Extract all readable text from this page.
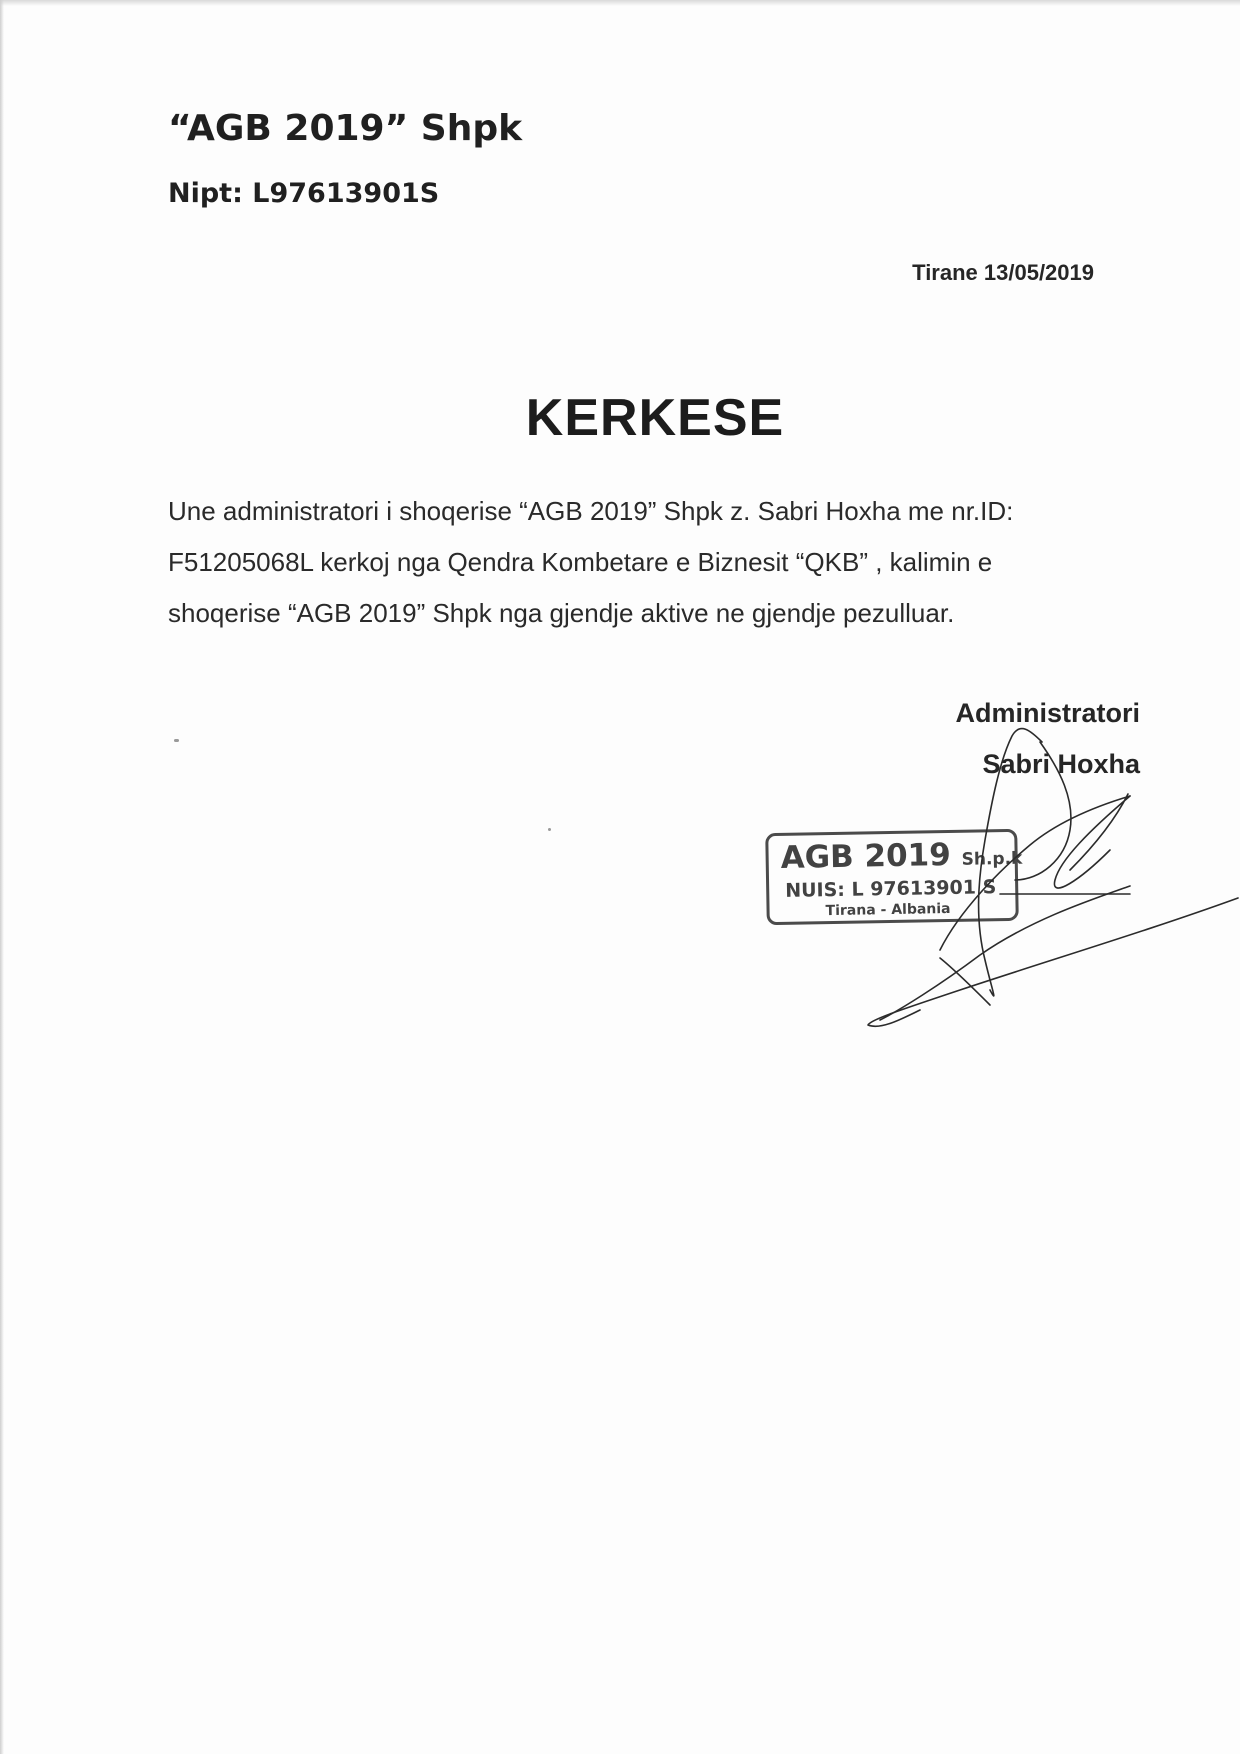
“AGB 2019” Shpk
Nipt: L97613901S
Tirane 13/05/2019
KERKESE
Une administratori i shoqerise “AGB 2019” Shpk z. Sabri Hoxha me nr.ID:
F51205068L kerkoj nga Qendra Kombetare e Biznesit “QKB” , kalimin e
shoqerise “AGB 2019” Shpk nga gjendje aktive ne gjendje pezulluar.
Administratori
Sabri Hoxha
AGB 2019 Sh.p.k
NUIS: L 97613901 S
Tirana - Albania
